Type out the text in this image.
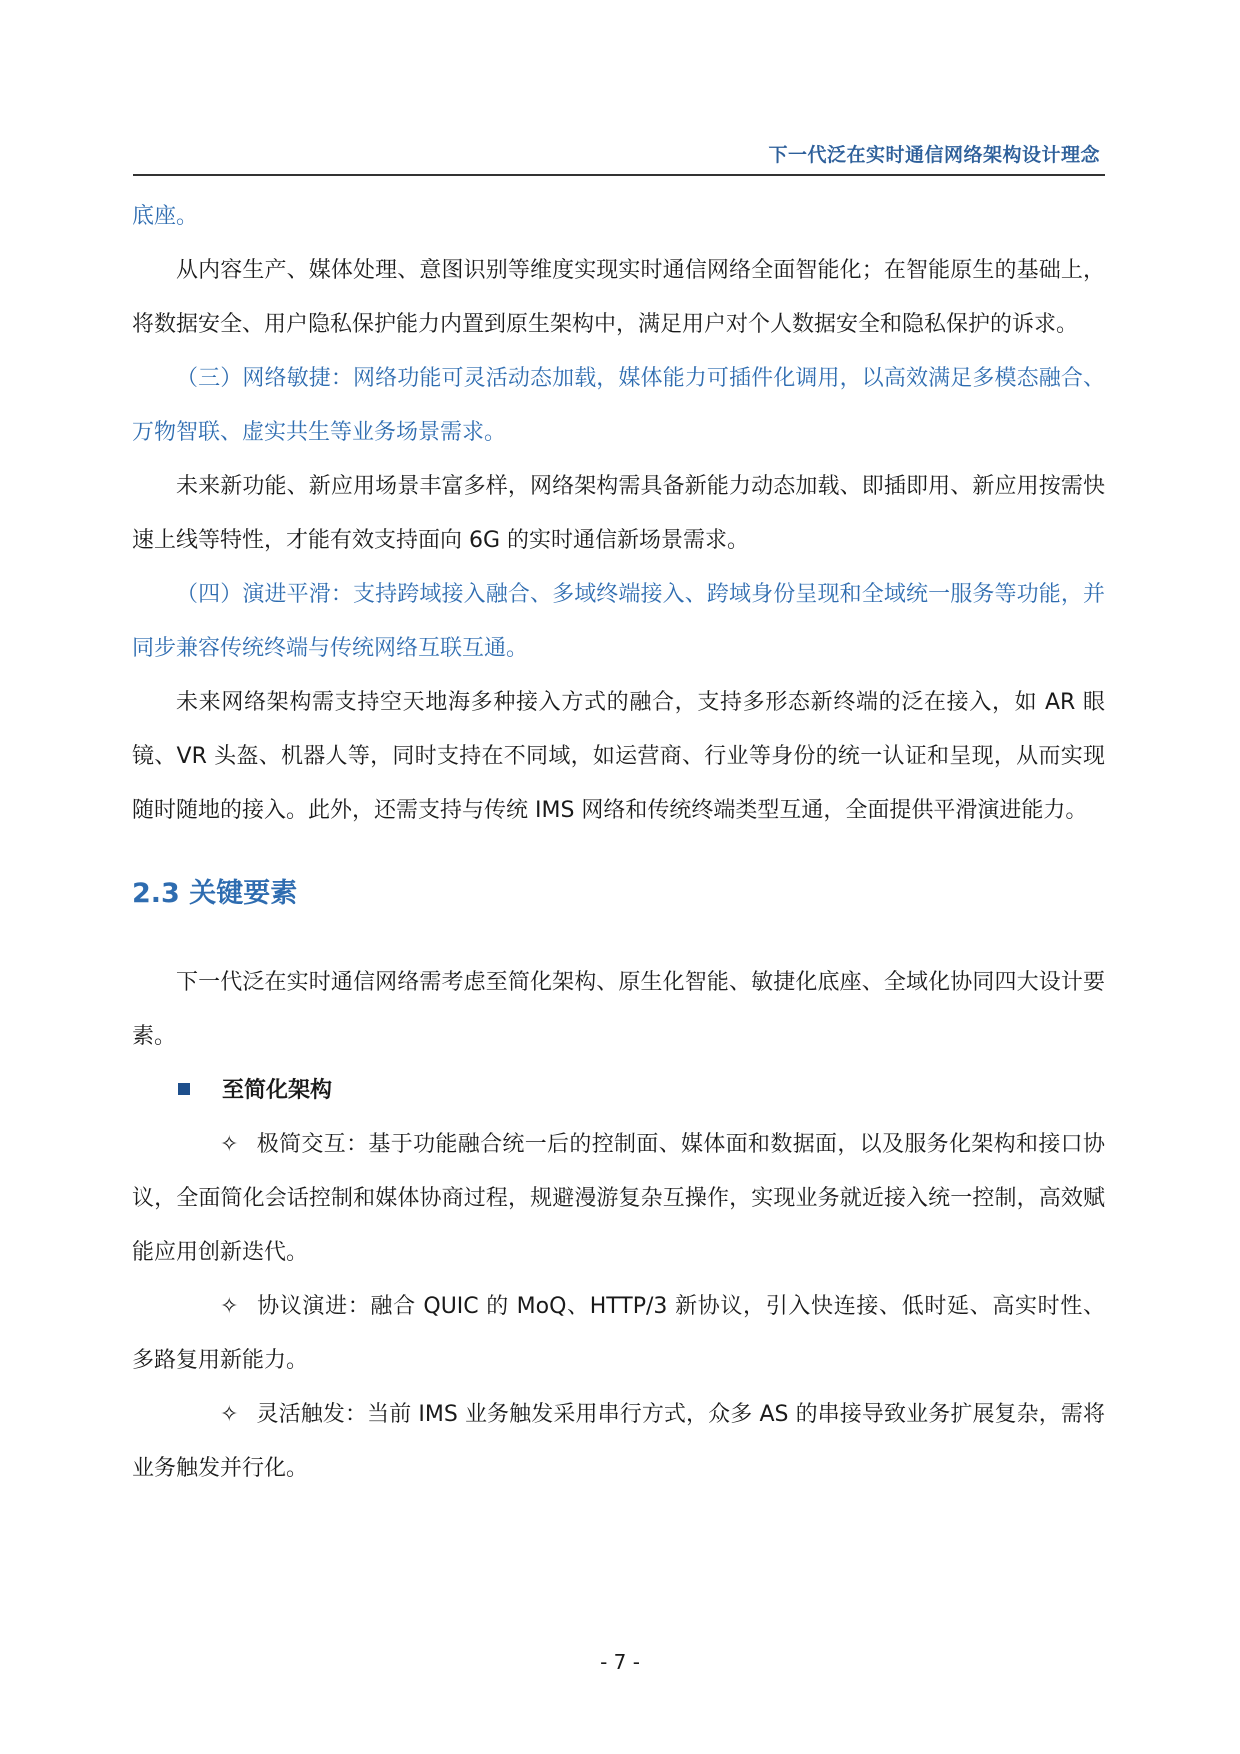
下一代泛在实时通信网络架构设计理念

底座。

从内容生产、媒体处理、意图识别等维度实现实时通信网络全面智能化；在智能原生的基础上，将数据安全、用户隐私保护能力内置到原生架构中，满足用户对个人数据安全和隐私保护的诉求。

（三）网络敏捷：网络功能可灵活动态加载，媒体能力可插件化调用，以高效满足多模态融合、万物智联、虚实共生等业务场景需求。

未来新功能、新应用场景丰富多样，网络架构需具备新能力动态加载、即插即用、新应用按需快速上线等特性，才能有效支持面向 6G 的实时通信新场景需求。

（四）演进平滑：支持跨域接入融合、多域终端接入、跨域身份呈现和全域统一服务等功能，并同步兼容传统终端与传统网络互联互通。

未来网络架构需支持空天地海多种接入方式的融合，支持多形态新终端的泛在接入，如 AR 眼镜、VR 头盔、机器人等，同时支持在不同域，如运营商、行业等身份的统一认证和呈现，从而实现随时随地的接入。此外，还需支持与传统 IMS 网络和传统终端类型互通，全面提供平滑演进能力。

2.3 关键要素

下一代泛在实时通信网络需考虑至简化架构、原生化智能、敏捷化底座、全域化协同四大设计要素。

至简化架构

✧ 极简交互：基于功能融合统一后的控制面、媒体面和数据面，以及服务化架构和接口协议，全面简化会话控制和媒体协商过程，规避漫游复杂互操作，实现业务就近接入统一控制，高效赋能应用创新迭代。

✧ 协议演进：融合 QUIC 的 MoQ、HTTP/3 新协议，引入快连接、低时延、高实时性、多路复用新能力。

✧ 灵活触发：当前 IMS 业务触发采用串行方式，众多 AS 的串接导致业务扩展复杂，需将业务触发并行化。

- 7 -
